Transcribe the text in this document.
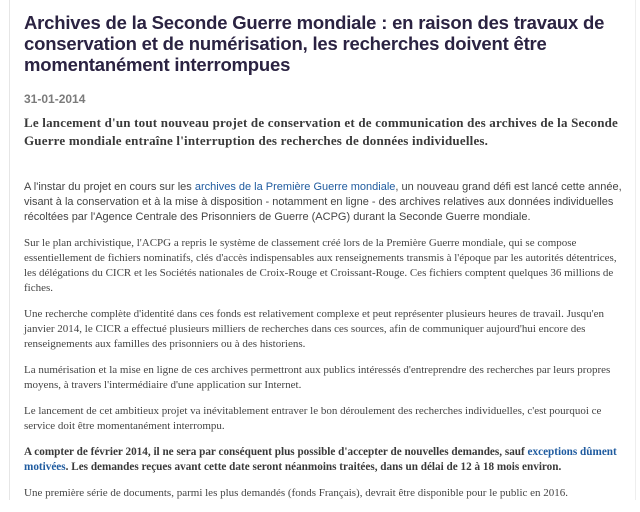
Archives de la Seconde Guerre mondiale : en raison des travaux de conservation et de numérisation, les recherches doivent être momentanément interrompues
31-01-2014
Le lancement d'un tout nouveau projet de conservation et de communication des archives de la Seconde Guerre mondiale entraîne l'interruption des recherches de données individuelles.

A l'instar du projet en cours sur les archives de la Première Guerre mondiale, un nouveau grand défi est lancé cette année, visant à la conservation et à la mise à disposition - notamment en ligne - des archives relatives aux données individuelles récoltées par l'Agence Centrale des Prisonniers de Guerre (ACPG) durant la Seconde Guerre mondiale.

Sur le plan archivistique, l'ACPG a repris le système de classement créé lors de la Première Guerre mondiale, qui se compose essentiellement de fichiers nominatifs, clés d'accès indispensables aux renseignements transmis à l'époque par les autorités détentrices, les délégations du CICR et les Sociétés nationales de Croix-Rouge et Croissant-Rouge. Ces fichiers comptent quelques 36 millions de fiches.

Une recherche complète d'identité dans ces fonds est relativement complexe et peut représenter plusieurs heures de travail. Jusqu'en janvier 2014, le CICR a effectué plusieurs milliers de recherches dans ces sources, afin de communiquer aujourd'hui encore des renseignements aux familles des prisonniers ou à des historiens.

La numérisation et la mise en ligne de ces archives permettront aux publics intéressés d'entreprendre des recherches par leurs propres moyens, à travers l'intermédiaire d'une application sur Internet.

Le lancement de cet ambitieux projet va inévitablement entraver le bon déroulement des recherches individuelles, c'est pourquoi ce service doit être momentanément interrompu.

A compter de février 2014, il ne sera par conséquent plus possible d'accepter de nouvelles demandes, sauf exceptions dûment motivées. Les demandes reçues avant cette date seront néanmoins traitées, dans un délai de 12 à 18 mois environ.

Une première série de documents, parmi les plus demandés (fonds Français), devrait être disponible pour le public en 2016.
